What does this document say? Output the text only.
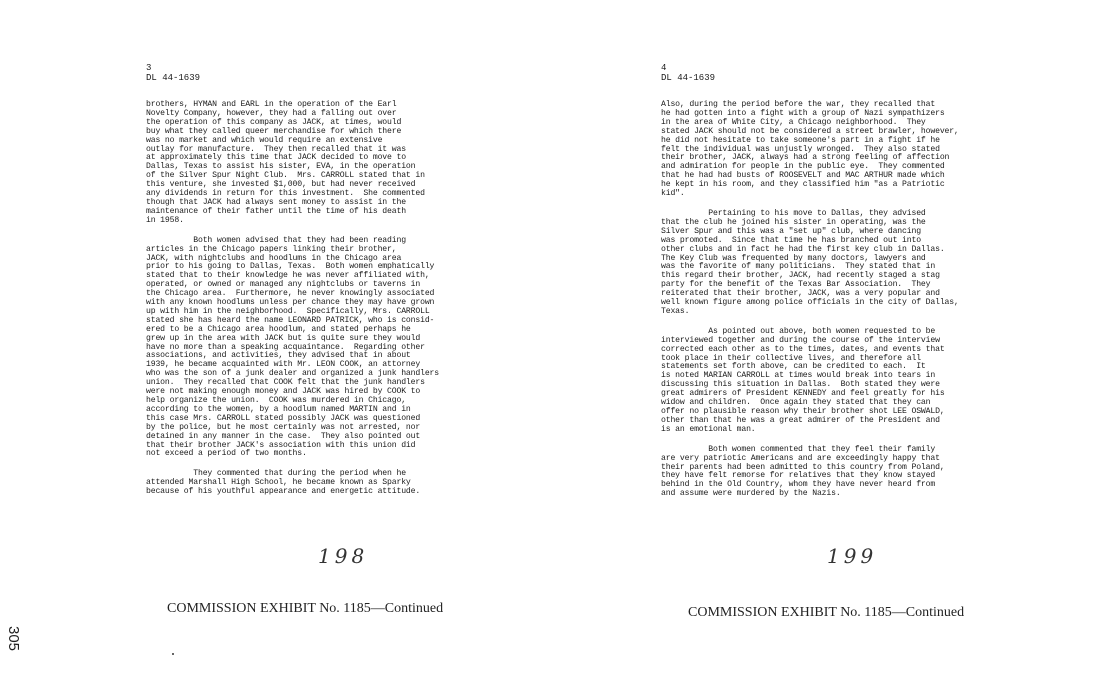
3
DL 44-1639

brothers, HYMAN and EARL in the operation of the Earl
Novelty Company, however, they had a falling out over
the operation of this company as JACK, at times, would
buy what they called queer merchandise for which there
was no market and which would require an extensive
outlay for manufacture.  They then recalled that it was
at approximately this time that JACK decided to move to
Dallas, Texas to assist his sister, EVA, in the operation
of the Silver Spur Night Club.  Mrs. CARROLL stated that in
this venture, she invested $1,000, but had never received
any dividends in return for this investment.  She commented
though that JACK had always sent money to assist in the
maintenance of their father until the time of his death
in 1958.

Both women advised that they had been reading
articles in the Chicago papers linking their brother,
JACK, with nightclubs and hoodlums in the Chicago area
prior to his going to Dallas, Texas.  Both women emphatically
stated that to their knowledge he was never affiliated with,
operated, or owned or managed any nightclubs or taverns in
the Chicago area.  Furthermore, he never knowingly associated
with any known hoodlums unless per chance they may have grown
up with him in the neighborhood.  Specifically, Mrs. CARROLL
stated she has heard the name LEONARD PATRICK, who is consid-
ered to be a Chicago area hoodlum, and stated perhaps he
grew up in the area with JACK but is quite sure they would
have no more than a speaking acquaintance.  Regarding other
associations, and activities, they advised that in about
1939, he became acquainted with Mr. LEON COOK, an attorney
who was the son of a junk dealer and organized a junk handlers
union.  They recalled that COOK felt that the junk handlers
were not making enough money and JACK was hired by COOK to
help organize the union.  COOK was murdered in Chicago,
according to the women, by a hoodlum named MARTIN and in
this case Mrs. CARROLL stated possibly JACK was questioned
by the police, but he most certainly was not arrested, nor
detained in any manner in the case.  They also pointed out
that their brother JACK's association with this union did
not exceed a period of two months.

They commented that during the period when he
attended Marshall High School, he became known as Sparky
because of his youthful appearance and energetic attitude.

198
COMMISSION EXHIBIT No. 1185—Continued
305
4
DL 44-1639

Also, during the period before the war, they recalled that
he had gotten into a fight with a group of Nazi sympathizers
in the area of White City, a Chicago neighborhood.  They
stated JACK should not be considered a street brawler, however,
he did not hesitate to take someone's part in a fight if he
felt the individual was unjustly wronged.  They also stated
their brother, JACK, always had a strong feeling of affection
and admiration for people in the public eye.  They commented
that he had had busts of ROOSEVELT and MAC ARTHUR made which
he kept in his room, and they classified him "as a Patriotic
kid".

Pertaining to his move to Dallas, they advised
that the club he joined his sister in operating, was the
Silver Spur and this was a "set up" club, where dancing
was promoted.  Since that time he has branched out into
other clubs and in fact he had the first key club in Dallas.
The Key Club was frequented by many doctors, lawyers and
was the favorite of many politicians.  They stated that in
this regard their brother, JACK, had recently staged a stag
party for the benefit of the Texas Bar Association.  They
reiterated that their brother, JACK, was a very popular and
well known figure among police officials in the city of Dallas,
Texas.

As pointed out above, both women requested to be
interviewed together and during the course of the interview
corrected each other as to the times, dates, and events that
took place in their collective lives, and therefore all
statements set forth above, can be credited to each.  It
is noted MARIAN CARROLL at times would break into tears in
discussing this situation in Dallas.  Both stated they were
great admirers of President KENNEDY and feel greatly for his
widow and children.  Once again they stated that they can
offer no plausible reason why their brother shot LEE OSWALD,
other than that he was a great admirer of the President and
is an emotional man.

Both women commented that they feel their family
are very patriotic Americans and are exceedingly happy that
their parents had been admitted to this country from Poland,
they have felt remorse for relatives that they know stayed
behind in the Old Country, whom they have never heard from
and assume were murdered by the Nazis.

199
COMMISSION EXHIBIT No. 1185—Continued
